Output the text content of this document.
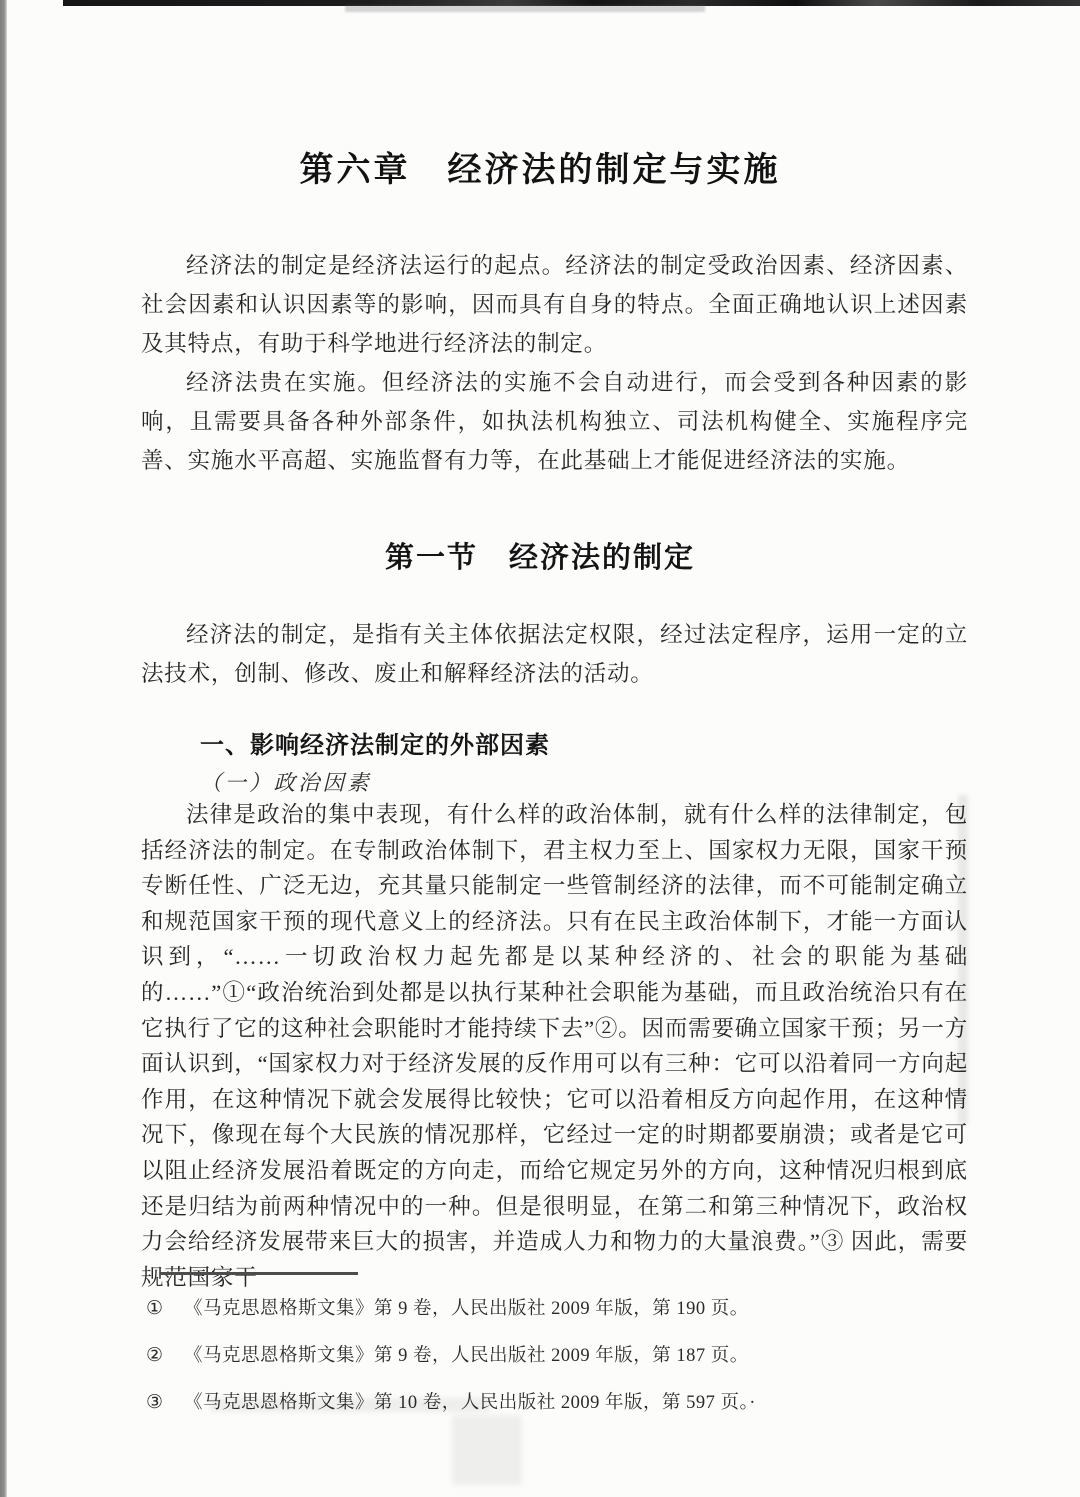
第六章　经济法的制定与实施

经济法的制定是经济法运行的起点。经济法的制定受政治因素、经济因素、社会因素和认识因素等的影响，因而具有自身的特点。全面正确地认识上述因素及其特点，有助于科学地进行经济法的制定。

经济法贵在实施。但经济法的实施不会自动进行，而会受到各种因素的影响，且需要具备各种外部条件，如执法机构独立、司法机构健全、实施程序完善、实施水平高超、实施监督有力等，在此基础上才能促进经济法的实施。

第一节　经济法的制定

经济法的制定，是指有关主体依据法定权限，经过法定程序，运用一定的立法技术，创制、修改、废止和解释经济法的活动。

一、影响经济法制定的外部因素
（一）政治因素

法律是政治的集中表现，有什么样的政治体制，就有什么样的法律制定，包括经济法的制定。在专制政治体制下，君主权力至上、国家权力无限，国家干预专断任性、广泛无边，充其量只能制定一些管制经济的法律，而不可能制定确立和规范国家干预的现代意义上的经济法。只有在民主政治体制下，才能一方面认识到，“……一切政治权力起先都是以某种经济的、社会的职能为基础的……”①“政治统治到处都是以执行某种社会职能为基础，而且政治统治只有在它执行了它的这种社会职能时才能持续下去”②。因而需要确立国家干预；另一方面认识到，“国家权力对于经济发展的反作用可以有三种：它可以沿着同一方向起作用，在这种情况下就会发展得比较快；它可以沿着相反方向起作用，在这种情况下，像现在每个大民族的情况那样，它经过一定的时期都要崩溃；或者是它可以阻止经济发展沿着既定的方向走，而给它规定另外的方向，这种情况归根到底还是归结为前两种情况中的一种。但是很明显，在第二和第三种情况下，政治权力会给经济发展带来巨大的损害，并造成人力和物力的大量浪费。”③ 因此，需要规范国家干

①	《马克思恩格斯文集》第 9 卷，人民出版社 2009 年版，第 190 页。
②	《马克思恩格斯文集》第 9 卷，人民出版社 2009 年版，第 187 页。
③	《马克思恩格斯文集》第 10 卷，人民出版社 2009 年版，第 597 页。·
